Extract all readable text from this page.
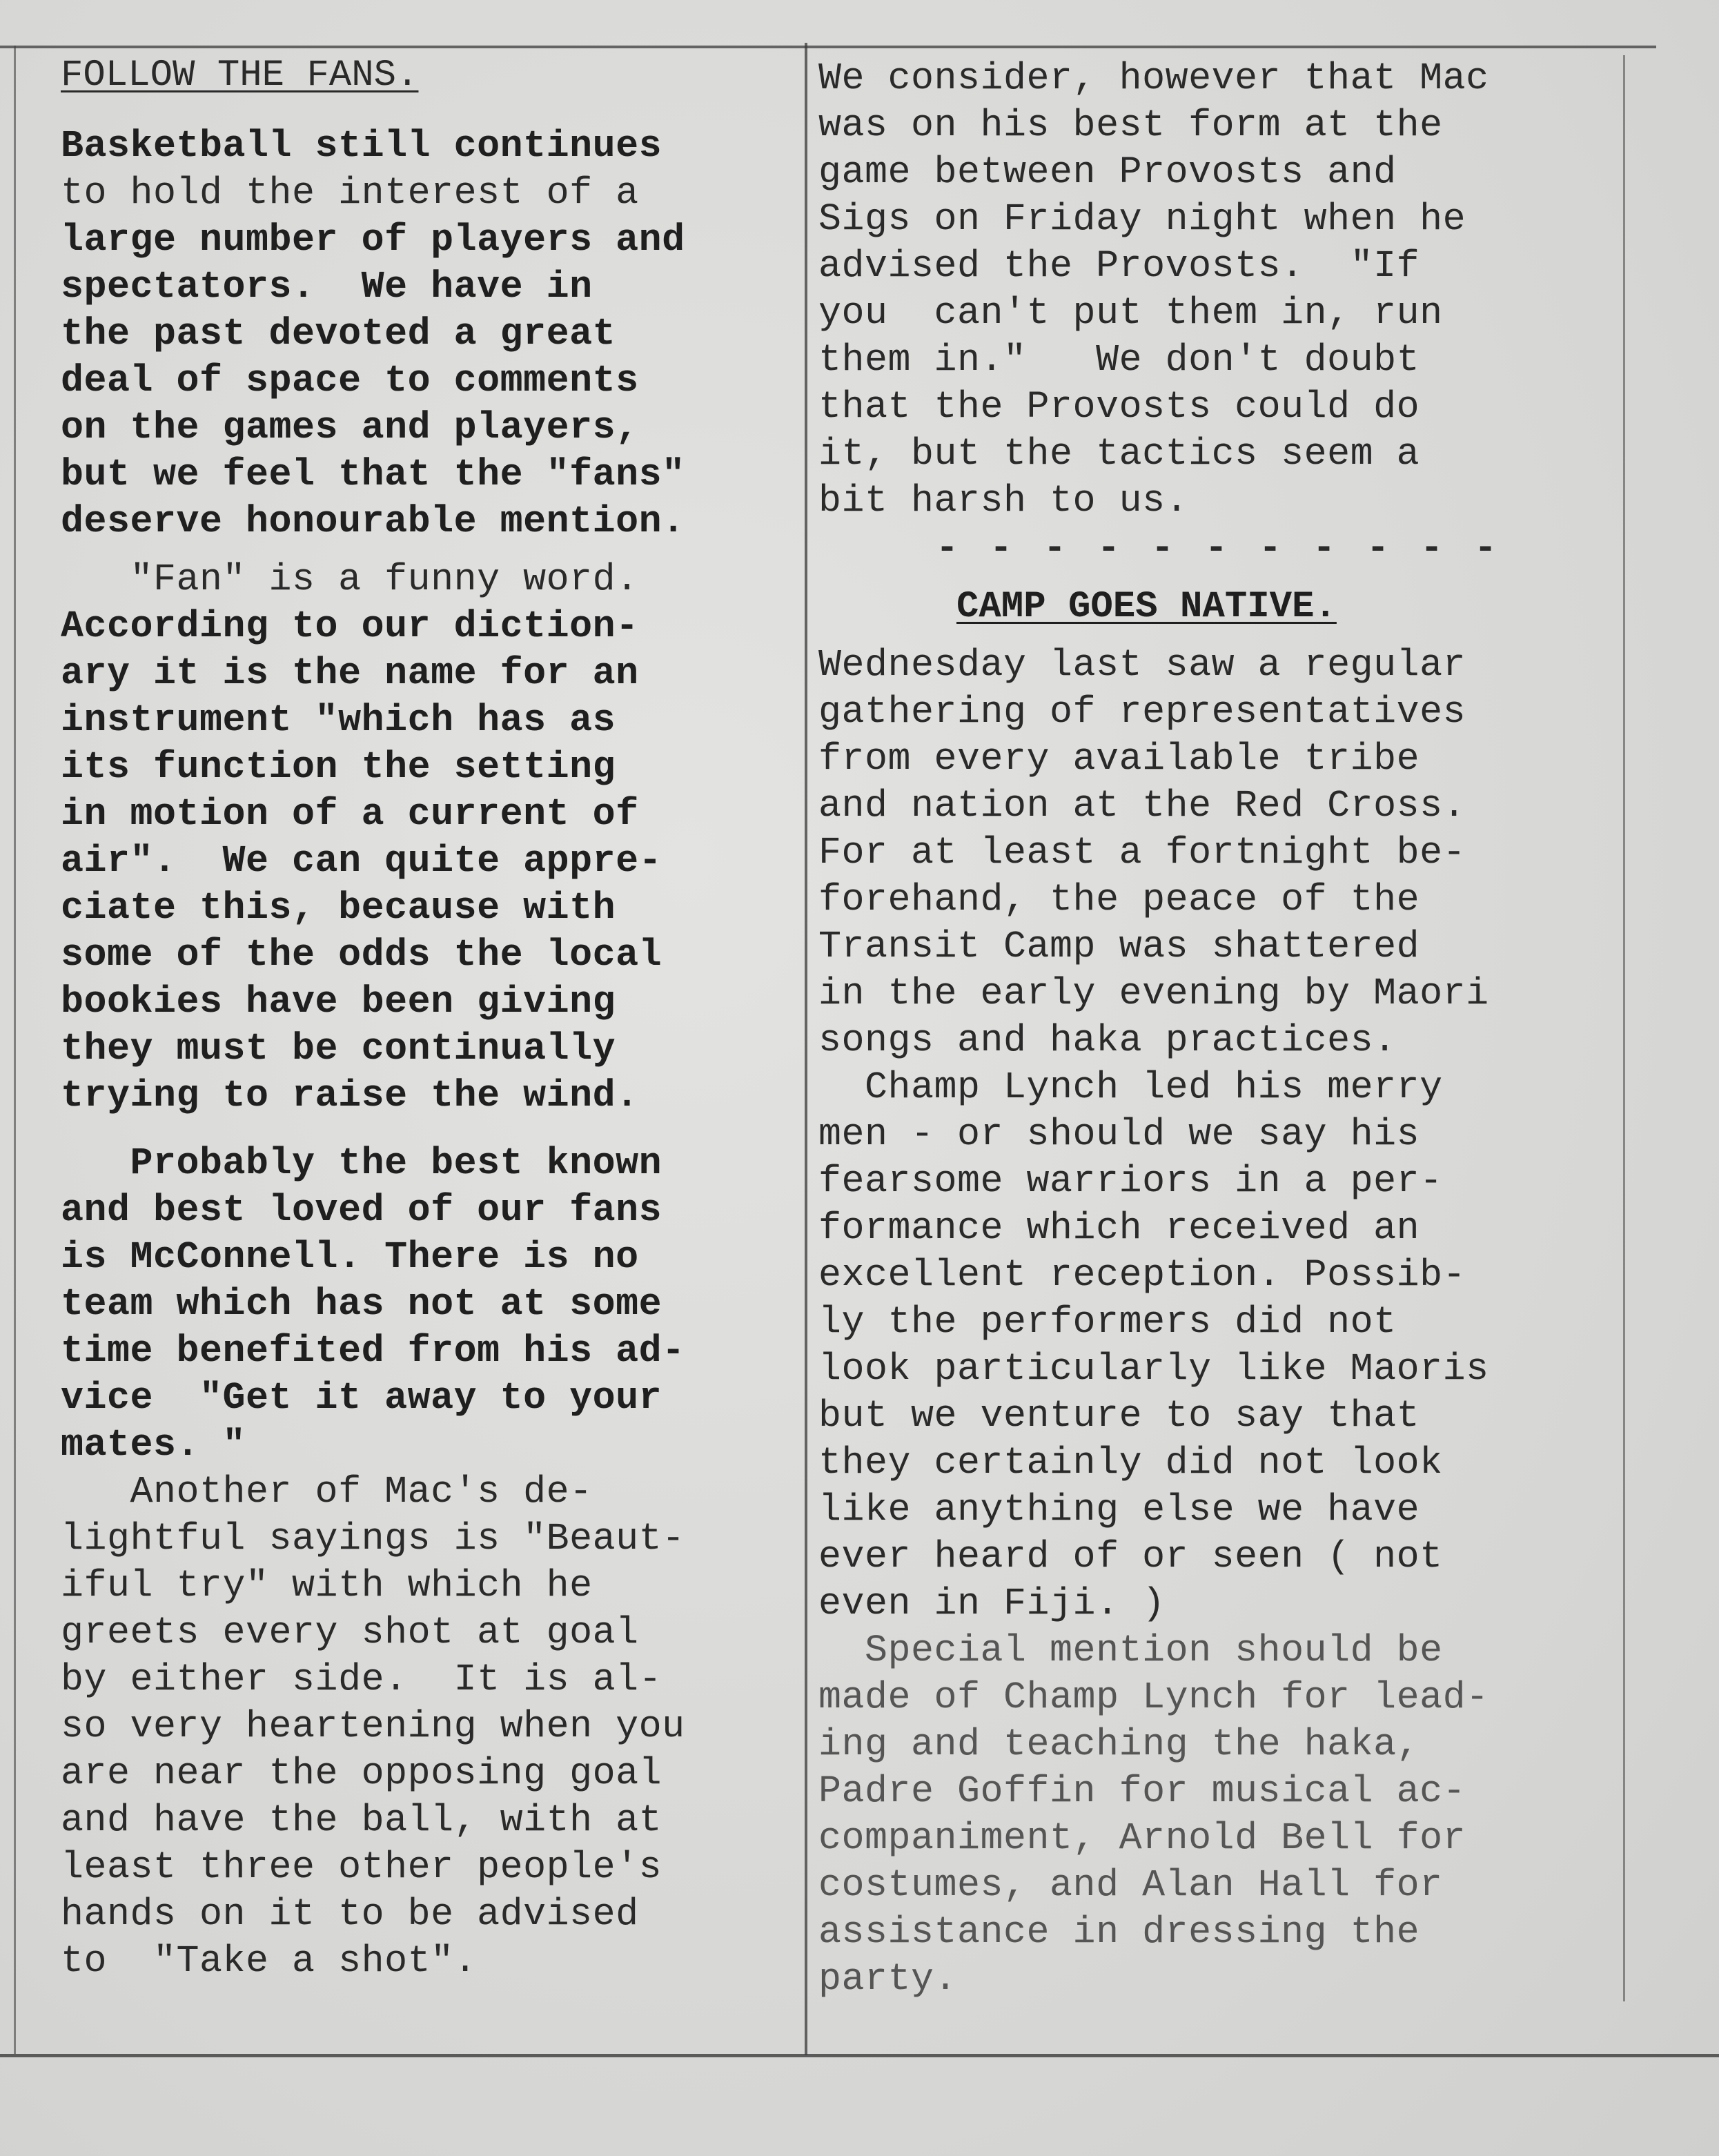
FOLLOW THE FANS.
Basketball still continues
to hold the interest of a
large number of players and
spectators.  We have in
the past devoted a great
deal of space to comments
on the games and players,
but we feel that the "fans"
deserve honourable mention.
"Fan" is a funny word.
According to our diction-
ary it is the name for an
instrument "which has as
its function the setting
in motion of a current of
air".  We can quite appre-
ciate this, because with
some of the odds the local
bookies have been giving
they must be continually
trying to raise the wind.
Probably the best known
and best loved of our fans
is McConnell. There is no
team which has not at some
time benefited from his ad-
vice  "Get it away to your
mates. "
Another of Mac's de-
lightful sayings is "Beaut-
iful try" with which he
greets every shot at goal
by either side.  It is al-
so very heartening when you
are near the opposing goal
and have the ball, with at
least three other people's
hands on it to be advised
to  "Take a shot".
We consider, however that Mac
was on his best form at the
game between Provosts and
Sigs on Friday night when he
advised the Provosts.  "If
you  can't put them in, run
them in."   We don't doubt
that the Provosts could do
it, but the tactics seem a
bit harsh to us.
- - - - - - - - - - -
CAMP GOES NATIVE.
Wednesday last saw a regular
gathering of representatives
from every available tribe
and nation at the Red Cross.
For at least a fortnight be-
forehand, the peace of the
Transit Camp was shattered
in the early evening by Maori
songs and haka practices.
Champ Lynch led his merry
men - or should we say his
fearsome warriors in a per-
formance which received an
excellent reception. Possib-
ly the performers did not
look particularly like Maoris
but we venture to say that
they certainly did not look
like anything else we have
ever heard of or seen ( not
even in Fiji. )
Special mention should be
made of Champ Lynch for lead-
ing and teaching the haka,
Padre Goffin for musical ac-
companiment, Arnold Bell for
costumes, and Alan Hall for
assistance in dressing the
party.
